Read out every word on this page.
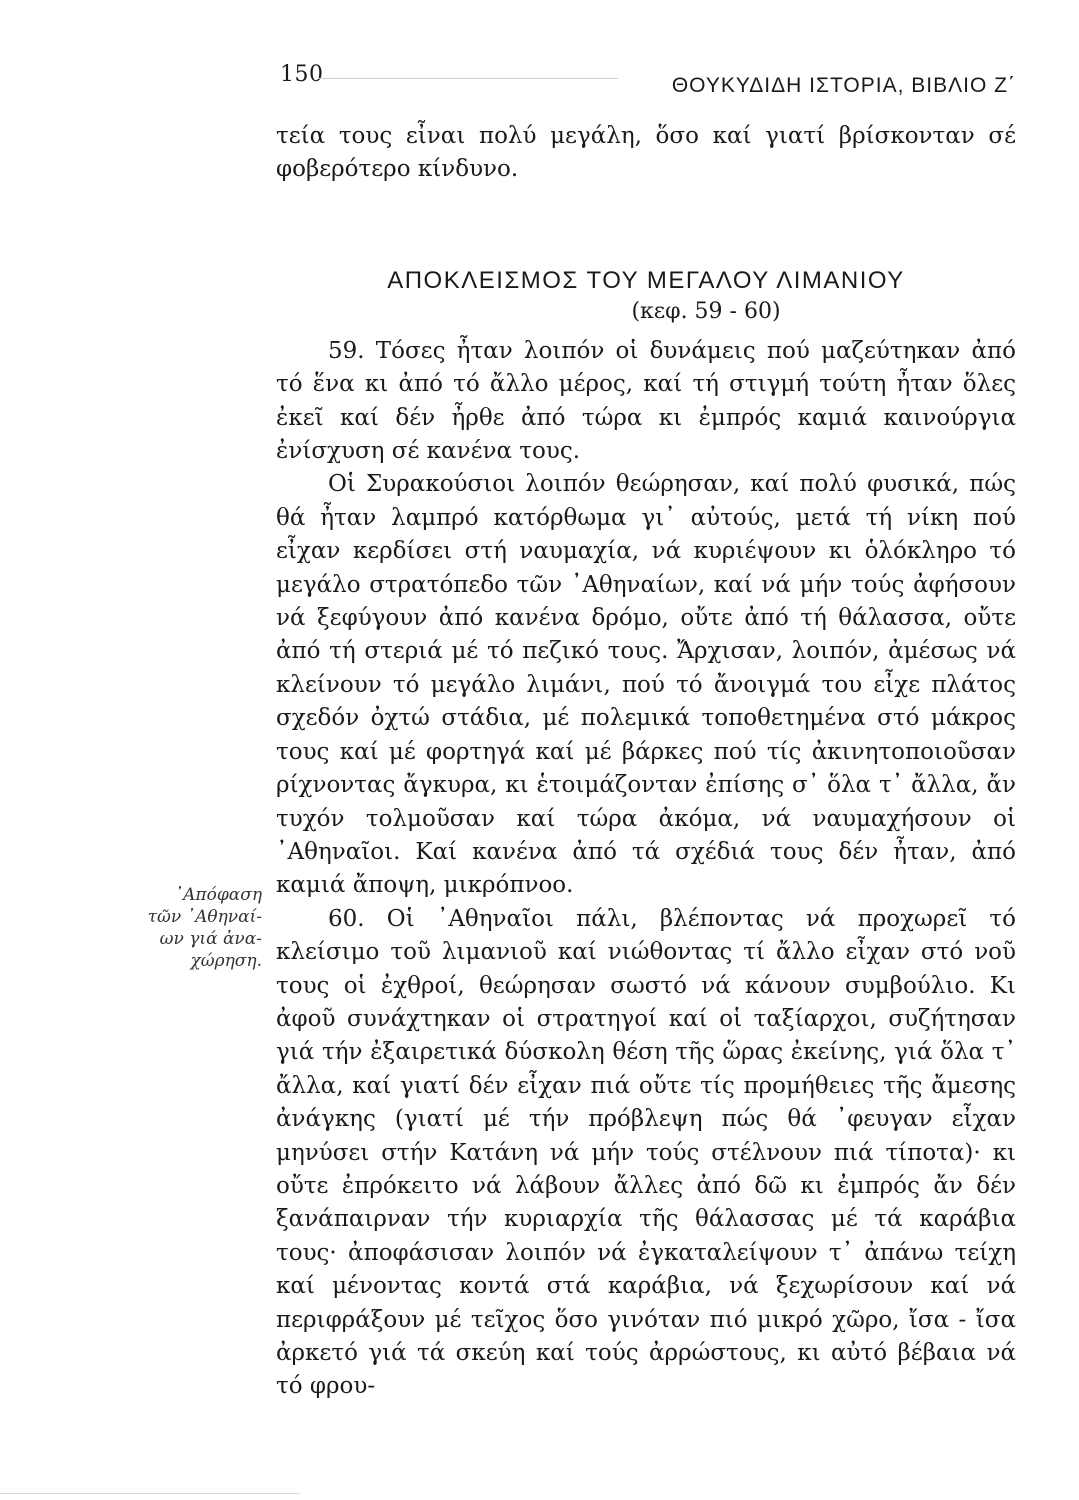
150	ΘΟΥΚΥΔΙΔΗ ΙΣΤΟΡΙΑ, ΒΙΒΛΙΟ Ζ΄

τεία τους εἶναι πολύ μεγάλη, ὅσο καί γιατί βρίσκονταν σέ φοβερότερο κίνδυνο.

ΑΠΟΚΛΕΙΣΜΟΣ ΤΟΥ ΜΕΓΑΛΟΥ ΛΙΜΑΝΙΟΥ
(κεφ. 59 - 60)

59. Τόσες ἦταν λοιπόν οἱ δυνάμεις πού μαζεύτηκαν ἀπό τό ἕνα κι ἀπό τό ἄλλο μέρος, καί τή στιγμή τούτη ἦταν ὅλες ἐκεῖ καί δέν ἦρθε ἀπό τώρα κι ἐμπρός καμιά καινούργια ἐνίσχυση σέ κανένα τους.

Οἱ Συρακούσιοι λοιπόν θεώρησαν, καί πολύ φυσικά, πώς θά ἦταν λαμπρό κατόρθωμα γι᾿ αὐτούς, μετά τή νίκη πού εἶχαν κερδίσει στή ναυμαχία, νά κυριέψουν κι ὁλόκληρο τό μεγάλο στρατόπεδο τῶν ᾿Αθηναίων, καί νά μήν τούς ἀφήσουν νά ξεφύγουν ἀπό κανένα δρόμο, οὔτε ἀπό τή θάλασσα, οὔτε ἀπό τή στεριά μέ τό πεζικό τους. Ἄρχισαν, λοιπόν, ἀμέσως νά κλείνουν τό μεγάλο λιμάνι, πού τό ἄνοιγμά του εἶχε πλάτος σχεδόν ὀχτώ στάδια, μέ πολεμικά τοποθετημένα στό μάκρος τους καί μέ φορτηγά καί μέ βάρκες πού τίς ἀκινητοποιοῦσαν ρίχνοντας ἄγκυρα, κι ἑτοιμάζονταν ἐπίσης σ᾿ ὅλα τ᾿ ἄλλα, ἄν τυχόν τολμοῦσαν καί τώρα ἀκόμα, νά ναυμαχήσουν οἱ ᾿Αθηναῖοι. Καί κανένα ἀπό τά σχέδιά τους δέν ἦταν, ἀπό καμιά ἄποψη, μικρόπνοο.

60. Οἱ ᾿Αθηναῖοι πάλι, βλέποντας νά προχωρεῖ τό κλείσιμο τοῦ λιμανιοῦ καί νιώθοντας τί ἄλλο εἶχαν στό νοῦ τους οἱ ἐχθροί, θεώρησαν σωστό νά κάνουν συμβούλιο. Κι ἀφοῦ συνάχτηκαν οἱ στρατηγοί καί οἱ ταξίαρχοι, συζήτησαν γιά τήν ἐξαιρετικά δύσκολη θέση τῆς ὥρας ἐκείνης, γιά ὅλα τ᾿ ἄλλα, καί γιατί δέν εἶχαν πιά οὔτε τίς προμήθειες τῆς ἄμεσης ἀνάγκης (γιατί μέ τήν πρόβλεψη πώς θά ᾿φευγαν εἶχαν μηνύσει στήν Κατάνη νά μήν τούς στέλνουν πιά τίποτα)· κι οὔτε ἐπρόκειτο νά λάβουν ἄλλες ἀπό δῶ κι ἐμπρός ἄν δέν ξανάπαιρναν τήν κυριαρχία τῆς θάλασσας μέ τά καράβια τους· ἀποφάσισαν λοιπόν νά ἐγκαταλείψουν τ᾿ ἀπάνω τείχη καί μένοντας κοντά στά καράβια, νά ξεχωρίσουν καί νά περιφράξουν μέ τεῖχος ὅσο γινόταν πιό μικρό χῶρο, ἴσα - ἴσα ἀρκετό γιά τά σκεύη καί τούς ἀρρώστους, κι αὐτό βέβαια νά τό φρου-

᾿Απόφαση
τῶν ᾿Αθηναί-
ων γιά ἀνα-
χώρηση.
